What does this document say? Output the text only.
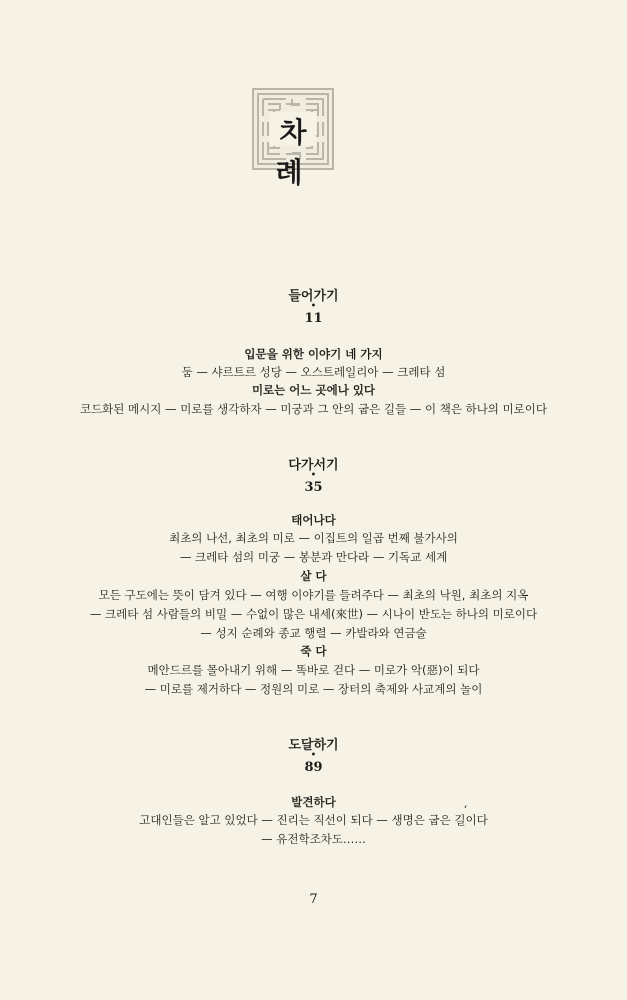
차 례
들어가기
•
11
입문을 위한 이야기 네 가지
둠 — 샤르트르 성당 — 오스트레일리아 — 크레타 섬
미로는 어느 곳에나 있다
코드화된 메시지 — 미로를 생각하자 — 미궁과 그 안의 굽은 길들 — 이 책은 하나의 미로이다
다가서기
•
35
태어나다
최초의 나선, 최초의 미로 — 이집트의 일곱 번째 불가사의
— 크레타 섬의 미궁 — 봉분과 만다라 — 기독교 세계
살 다
모든 구도에는 뜻이 담겨 있다 — 여행 이야기를 들려주다 — 최초의 낙원, 최초의 지옥
— 크레타 섬 사람들의 비밀 — 수없이 많은 내세(來世) — 시나이 반도는 하나의 미로이다
— 성지 순례와 종교 행렬 — 카발라와 연금술
죽 다
메안드르를 몰아내기 위해 — 똑바로 걷다 — 미로가 악(惡)이 되다
— 미로를 제거하다 — 정원의 미로 — 장터의 축제와 사교계의 놀이
도달하기
•
89
발견하다
고대인들은 알고 있었다 — 진리는 직선이 되다 — 생명은 굽은 길이다
— 유전학조차도……
,
7
